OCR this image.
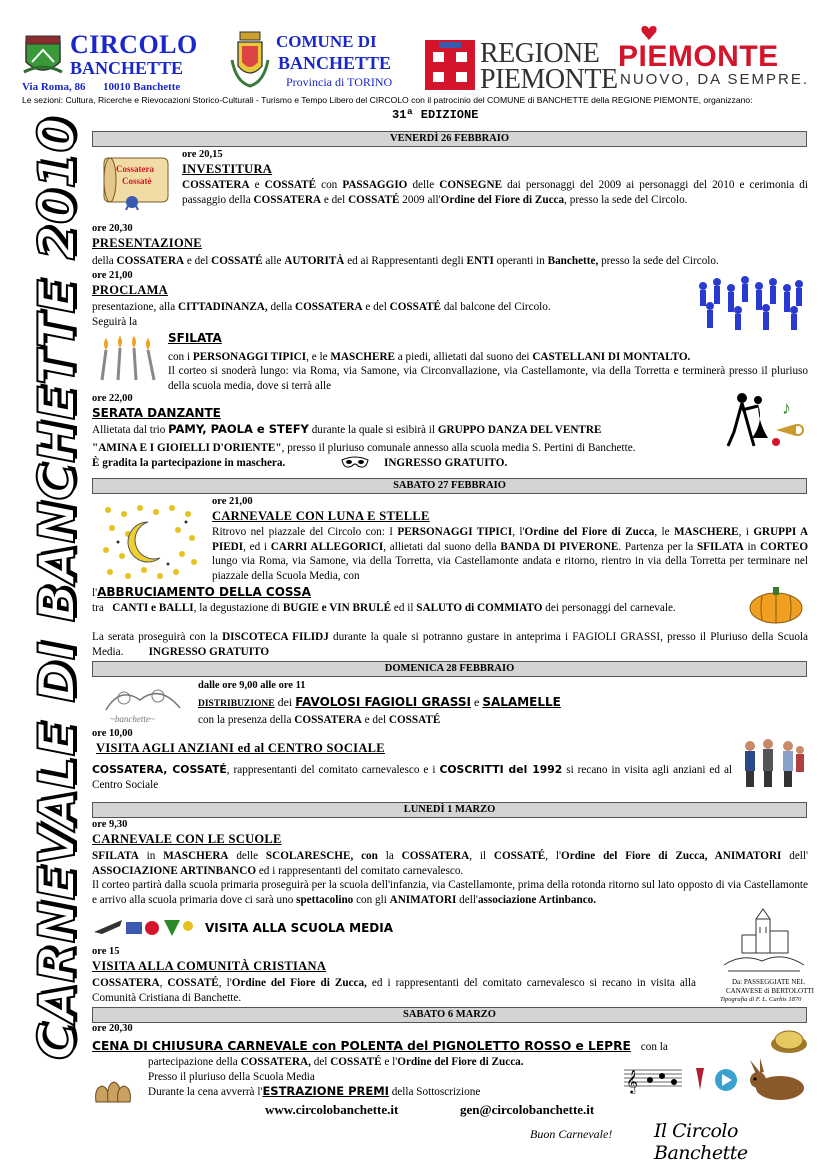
CIRCOLO
BANCHETTE
Via Roma, 86 10010 Banchette
COMUNE DI
BANCHETTE
Provincia di TORINO
REGIONE
PIEMONTE
PIEMONTE
NUOVO, DA SEMPRE.
Le sezioni: Cultura, Ricerche e Rievocazioni Storico-Culturali - Turismo e Tempo Libero del CIRCOLO con il patrocinio del COMUNE di BANCHETTE della REGIONE PIEMONTE, organizzano:
31ª EDIZIONE
CARNEVALE DI BANCHETTE 2010	VENERDÌ 26 FEBBRAIO
Cossatera
Cossatè
ore 20,15
INVESTITURA
COSSATERA e COSSATÉ con PASSAGGIO delle CONSEGNE dai personaggi del 2009 ai personaggi del 2010 e cerimonia di passaggio della COSSATERA e del COSSATÉ 2009 all'Ordine del Fiore di Zucca, presso la sede del Circolo.
ore 20,30
PRESENTAZIONE
della COSSATERA e del COSSATÉ alle AUTORITÀ ed ai Rappresentanti degli ENTI operanti in Banchette, presso la sede del Circolo.
ore 21,00
PROCLAMA
presentazione, alla CITTADINANZA, della COSSATERA e del COSSATÉ dal balcone del Circolo.
Seguirà la
SFILATA
con i PERSONAGGI TIPICI, e le MASCHERE a piedi, allietati dal suono dei CASTELLANI DI MONTALTO.
Il corteo si snoderà lungo: via Roma, via Samone, via Circonvallazione, via Castellamonte, via della Torretta e terminerà presso il pluriuso della scuola media, dove si terrà alle
ore 22,00
SERATA DANZANTE
Allietata dal trio PAMY, PAOLA e STEFY durante la quale si esibirà il GRUPPO DANZA DEL VENTRE
"AMINA E I GIOIELLI D'ORIENTE", presso il pluriuso comunale annesso alla scuola media S. Pertini di Banchette.
È gradita la partecipazione in maschera.	INGRESSO GRATUITO.
♪
SABATO 27 FEBBRAIO
ore 21,00
CARNEVALE CON LUNA E STELLE
Ritrovo nel piazzale del Circolo con: I PERSONAGGI TIPICI, l'Ordine del Fiore di Zucca, le MASCHERE, i GRUPPI A PIEDI, ed i CARRI ALLEGORICI, allietati dal suono della BANDA DI PIVERONE. Partenza per la SFILATA in CORTEO lungo via Roma, via Samone, via della Torretta, via Castellamonte andata e ritorno, rientro in via della Torretta per terminare nel piazzale della Scuola Media, con
l'ABBRUCIAMENTO DELLA COSSA
tra   CANTI e BALLI, la degustazione di BUGIE e VIN BRULÉ ed il SALUTO di COMMIATO dei personaggi del carnevale.
La serata proseguirà con la DISCOTECA FILIDJ durante la quale si potranno gustare in anteprima i FAGIOLI GRASSI, presso il Pluriuso della Scuola Media.         INGRESSO GRATUITO
DOMENICA 28 FEBBRAIO
~banchette~
dalle ore 9,00 alle ore 11
DISTRIBUZIONE dei FAVOLOSI FAGIOLI GRASSI e SALAMELLE
con la presenza della COSSATERA e del COSSATÉ
ore 10,00
VISITA AGLI ANZIANI ed al CENTRO SOCIALE
COSSATERA, COSSATÉ, rappresentanti del comitato carnevalesco e i COSCRITTI del 1992 si recano in visita agli anziani ed al Centro Sociale
LUNEDÌ 1 MARZO
ore 9,30
CARNEVALE CON LE SCUOLE
SFILATA in MASCHERA delle SCOLARESCHE, con la COSSATERA, il COSSATÉ, l'Ordine del Fiore di Zucca, ANIMATORI dell' ASSOCIAZIONE ARTINBANCO ed i rappresentanti del comitato carnevalesco.
Il corteo partirà dalla scuola primaria proseguirà per la scuola dell'infanzia, via Castellamonte, prima della rotonda ritorno sul lato opposto di via Castellamonte e arrivo alla scuola primaria dove ci sarà uno spettacolino con gli ANIMATORI dell'associazione Artinbanco.
VISITA ALLA SCUOLA MEDIA
Da: PASSEGGIATE NEL
CANAVESE di BERTOLOTTI
Tipografia di F. L. Curbis 1870
ore 15
VISITA ALLA COMUNITÀ CRISTIANA
COSSATERA, COSSATÉ, l'Ordine del Fiore di Zucca, ed i rappresentanti del comitato carnevalesco si recano in visita alla Comunità Cristiana di Banchette.
SABATO 6 MARZO
ore 20,30
CENA DI CHIUSURA CARNEVALE con POLENTA del PIGNOLETTO ROSSO e LEPRE con la
partecipazione della COSSATERA, del COSSATÉ e l'Ordine del Fiore di Zucca.
Presso il pluriuso della Scuola Media
Durante la cena avverrà l'ESTRAZIONE PREMI della Sottoscrizione	𝄞
www.circolobanchette.it	gen@circolobanchette.it
Buon Carnevale! Il Circolo Banchette
